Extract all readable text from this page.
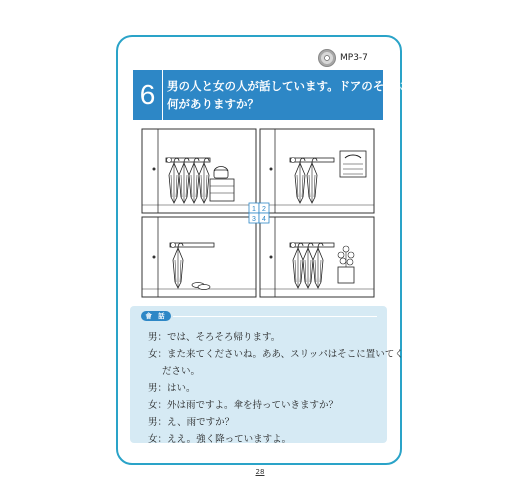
MP3-7
6	男の人と女の人が話しています。ドアのそばに
何がありますか？
1 2
3 4
會 話
男：では、そろそろ帰ります。
女：また来てくださいね。ああ、スリッパはそこに置いてく
ださい。
男：はい。
女：外は雨ですよ。傘を持っていきますか？
男：え、雨ですか？
女：ええ。強く降っていますよ。
28
